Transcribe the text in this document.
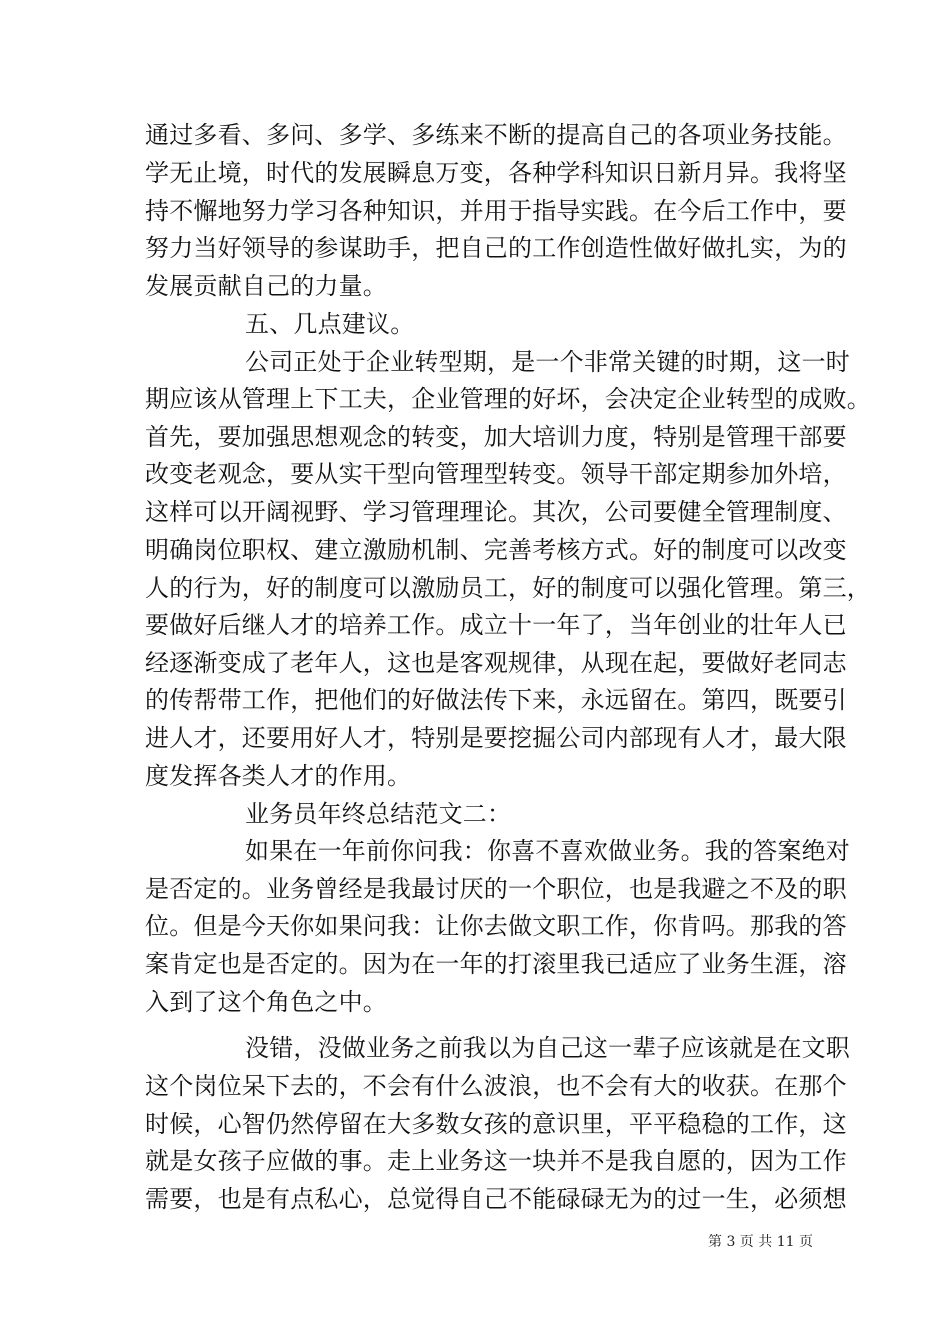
通过多看、多问、多学、多练来不断的提高自己的各项业务技能。
学无止境，时代的发展瞬息万变，各种学科知识日新月异。我将坚
持不懈地努力学习各种知识，并用于指导实践。在今后工作中，要
努力当好领导的参谋助手，把自己的工作创造性做好做扎实，为的
发展贡献自己的力量。
五、几点建议。
公司正处于企业转型期，是一个非常关键的时期，这一时
期应该从管理上下工夫，企业管理的好坏，会决定企业转型的成败。
首先，要加强思想观念的转变，加大培训力度，特别是管理干部要
改变老观念，要从实干型向管理型转变。领导干部定期参加外培，
这样可以开阔视野、学习管理理论。其次，公司要健全管理制度、
明确岗位职权、建立激励机制、完善考核方式。好的制度可以改变
人的行为，好的制度可以激励员工，好的制度可以强化管理。第三，
要做好后继人才的培养工作。成立十一年了，当年创业的壮年人已
经逐渐变成了老年人，这也是客观规律，从现在起，要做好老同志
的传帮带工作，把他们的好做法传下来，永远留在。第四，既要引
进人才，还要用好人才，特别是要挖掘公司内部现有人才，最大限
度发挥各类人才的作用。
业务员年终总结范文二：
如果在一年前你问我：你喜不喜欢做业务。我的答案绝对
是否定的。业务曾经是我最讨厌的一个职位，也是我避之不及的职
位。但是今天你如果问我：让你去做文职工作，你肯吗。那我的答
案肯定也是否定的。因为在一年的打滚里我已适应了业务生涯，溶
入到了这个角色之中。
没错，没做业务之前我以为自己这一辈子应该就是在文职
这个岗位呆下去的，不会有什么波浪，也不会有大的收获。在那个
时候，心智仍然停留在大多数女孩的意识里，平平稳稳的工作，这
就是女孩子应做的事。走上业务这一块并不是我自愿的，因为工作
需要，也是有点私心，总觉得自己不能碌碌无为的过一生，必须想
第 3 页 共 11 页
